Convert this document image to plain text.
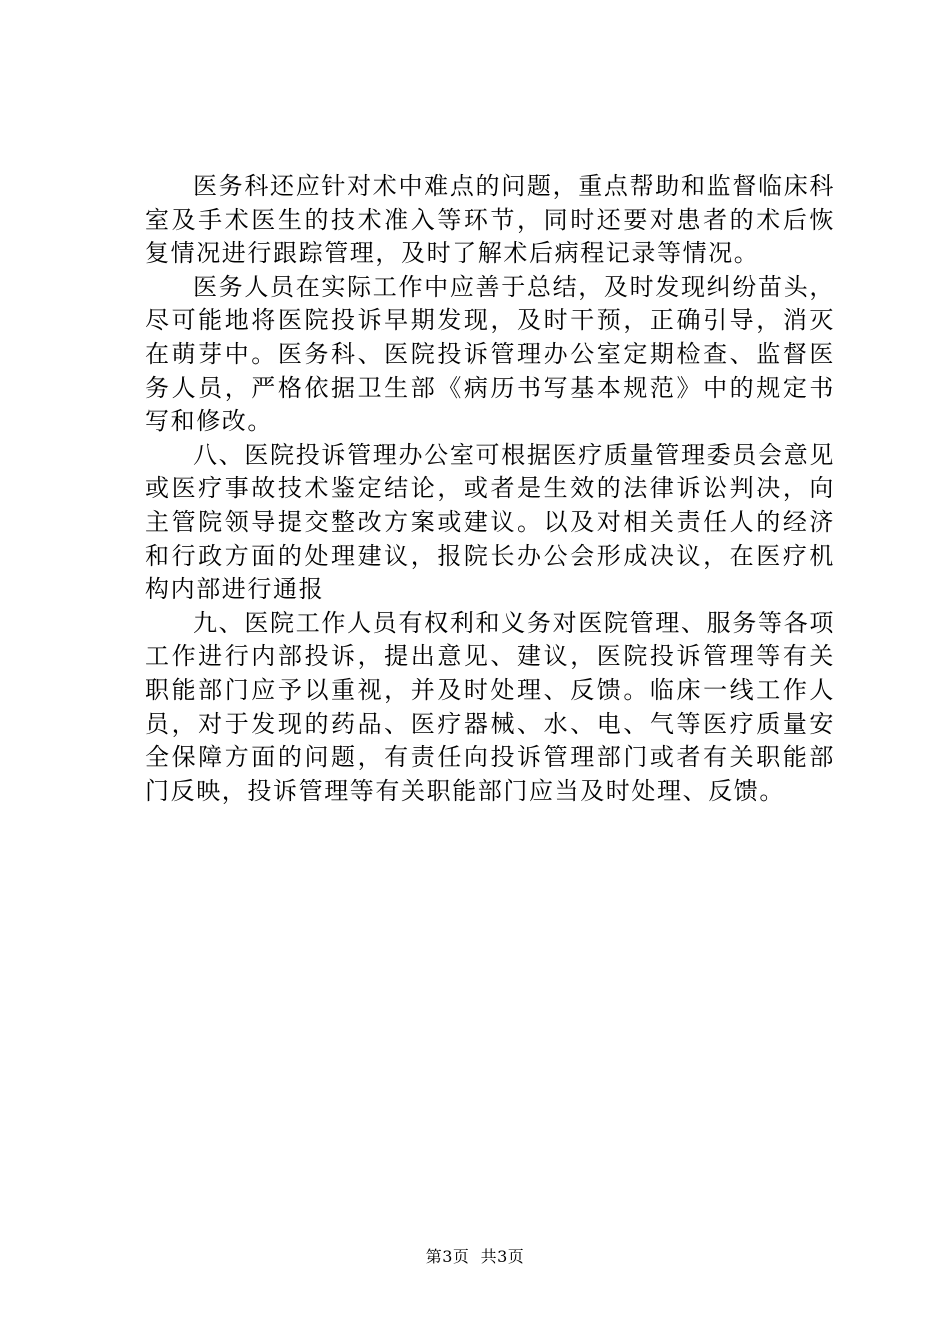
医务科还应针对术中难点的问题，重点帮助和监督临床科室及手术医生的技术准入等环节，同时还要对患者的术后恢复情况进行跟踪管理，及时了解术后病程记录等情况。

医务人员在实际工作中应善于总结，及时发现纠纷苗头，尽可能地将医院投诉早期发现，及时干预，正确引导，消灭在萌芽中。医务科、医院投诉管理办公室定期检查、监督医务人员，严格依据卫生部《病历书写基本规范》中的规定书写和修改。

八、医院投诉管理办公室可根据医疗质量管理委员会意见或医疗事故技术鉴定结论，或者是生效的法律诉讼判决，向主管院领导提交整改方案或建议。以及对相关责任人的经济和行政方面的处理建议，报院长办公会形成决议，在医疗机构内部进行通报

九、医院工作人员有权利和义务对医院管理、服务等各项工作进行内部投诉，提出意见、建议，医院投诉管理等有关职能部门应予以重视，并及时处理、反馈。临床一线工作人员，对于发现的药品、医疗器械、水、电、气等医疗质量安全保障方面的问题，有责任向投诉管理部门或者有关职能部门反映，投诉管理等有关职能部门应当及时处理、反馈。

第3页  共3页
